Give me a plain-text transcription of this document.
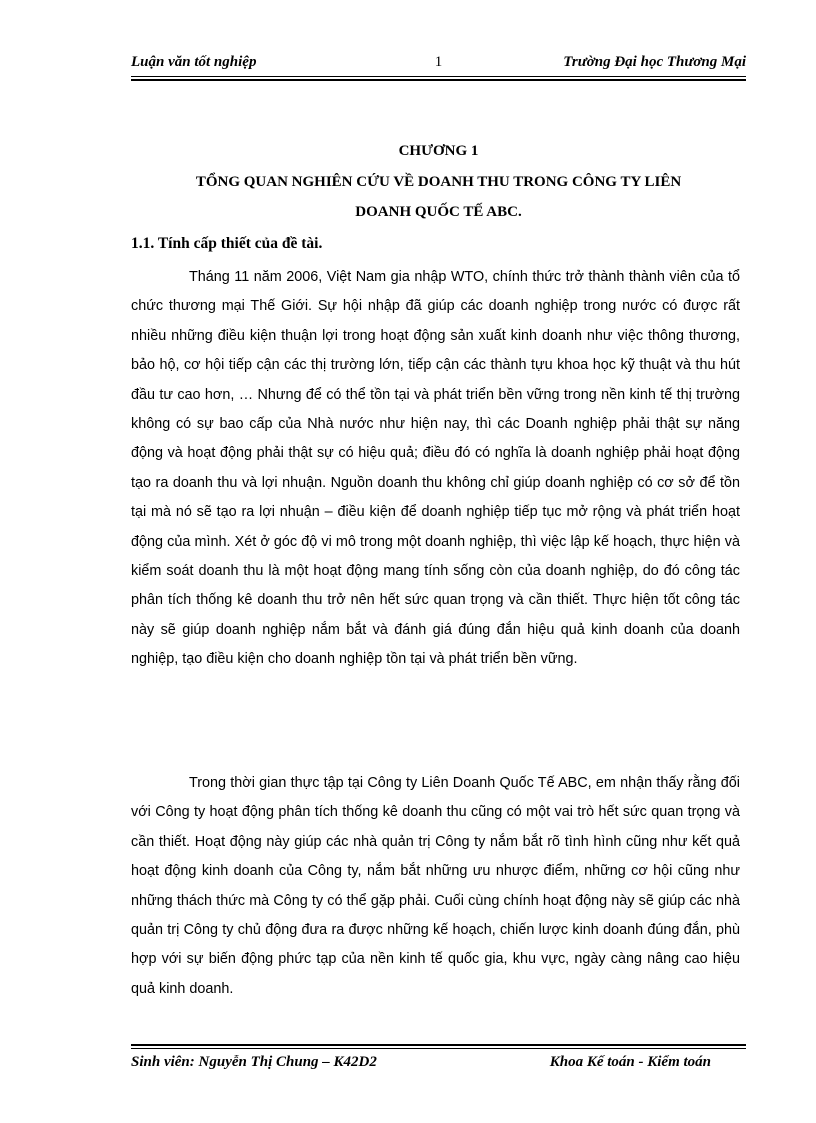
Luận văn tốt nghiệp	1	Trường Đại học Thương Mại
CHƯƠNG 1
TỔNG QUAN NGHIÊN CỨU VỀ DOANH THU TRONG CÔNG TY LIÊN
DOANH QUỐC TẾ ABC.
1.1. Tính cấp thiết của đề tài.

Tháng 11 năm 2006, Việt Nam gia nhập WTO, chính thức trở thành thành viên của tổ chức thương mại Thế Giới. Sự hội nhập đã giúp các doanh nghiệp trong nước có được rất nhiều những điều kiện thuận lợi trong hoạt động sản xuất kinh doanh như việc thông thương, bảo hộ, cơ hội tiếp cận các thị trường lớn, tiếp cận các thành tựu khoa học kỹ thuật và thu hút đầu tư cao hơn, … Nhưng để có thể tồn tại và phát triển bền vững trong nền kinh tế thị trường không có sự bao cấp của Nhà nước như hiện nay, thì các Doanh nghiệp phải thật sự năng động và hoạt động phải thật sự có hiệu quả; điều đó có nghĩa là doanh nghiệp phải hoạt động tạo ra doanh thu và lợi nhuận. Nguồn doanh thu không chỉ giúp doanh nghiệp có cơ sở để tồn tại mà nó sẽ tạo ra lợi nhuận – điều kiện để doanh nghiệp tiếp tục mở rộng và phát triển hoạt động của mình. Xét ở góc độ vi mô trong một doanh nghiệp, thì việc lập kế hoạch, thực hiện và kiểm soát doanh thu là một hoạt động mang tính sống còn của doanh nghiệp, do đó công tác phân tích thống kê doanh thu trở nên hết sức quan trọng và cần thiết. Thực hiện tốt công tác này sẽ giúp doanh nghiệp nắm bắt và đánh giá đúng đắn hiệu quả kinh doanh của doanh nghiệp, tạo điều kiện cho doanh nghiệp tồn tại và phát triển bền vững.

Trong thời gian thực tập tại Công ty Liên Doanh Quốc Tế ABC, em nhận thấy rằng đối với Công ty hoạt động phân tích thống kê doanh thu cũng có một vai trò hết sức quan trọng và cần thiết. Hoạt động này giúp các nhà quản trị Công ty nắm bắt rõ tình hình cũng như kết quả hoạt động kinh doanh của Công ty, nắm bắt những ưu nhược điểm, những cơ hội cũng như những thách thức mà Công ty có thể gặp phải. Cuối cùng chính hoạt động này sẽ giúp các nhà quản trị Công ty chủ động đưa ra được những kế hoạch, chiến lược kinh doanh đúng đắn, phù hợp với sự biến động phức tạp của nền kinh tế quốc gia, khu vực, ngày càng nâng cao hiệu quả kinh doanh.

Sinh viên: Nguyễn Thị Chung – K42D2	Khoa Kế toán - Kiểm toán
